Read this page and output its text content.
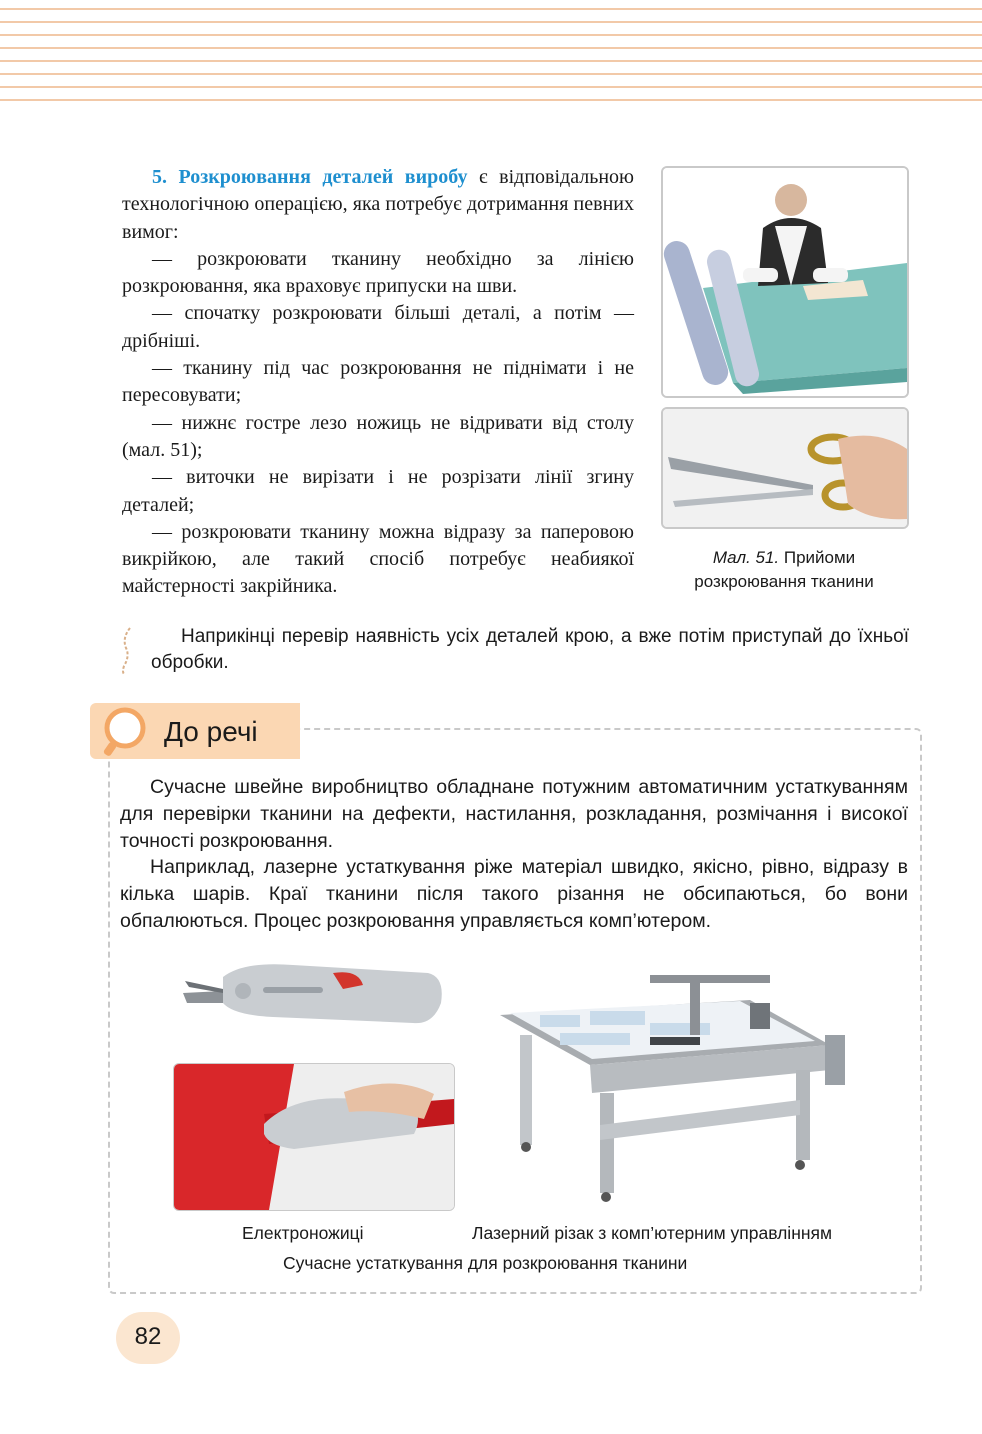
5. Розкроювання деталей виробу є відповідальною технологічною операцією, яка потребує дотримання певних вимог:

— розкроювати тканину необхідно за лінією розкроювання, яка враховує припуски на шви.

— спочатку розкроювати більші деталі, а потім — дрібніші.

— тканину під час розкроювання не піднімати і не пересовувати;

— нижнє гостре лезо ножиць не відривати від столу (мал. 51);

— виточки не вирізати і не розрізати лінії згину деталей;

— розкроювати тканину можна відразу за паперовою викрійкою, але такий спосіб потребує неабиякої майстерності закрійника.

Мал. 51. Прийоми розкроювання тканини
Наприкінці перевір наявність усіх деталей крою, а вже потім приступай до їхньої обробки.
До речі

Сучасне швейне виробництво обладнане потужним автоматичним устаткуванням для перевірки тканини на дефекти, настилання, розкладання, розмічання і високої точності розкроювання.

Наприклад, лазерне устаткування ріже матеріал швидко, якісно, рівно, відразу в кілька шарів. Краї тканини після такого різання не обсипаються, бо вони обпалюються. Процес розкроювання управляється комп’ютером.

Електроножиці	Лазерний різак з комп’ютерним управлінням
Сучасне устаткування для розкроювання тканини
82
